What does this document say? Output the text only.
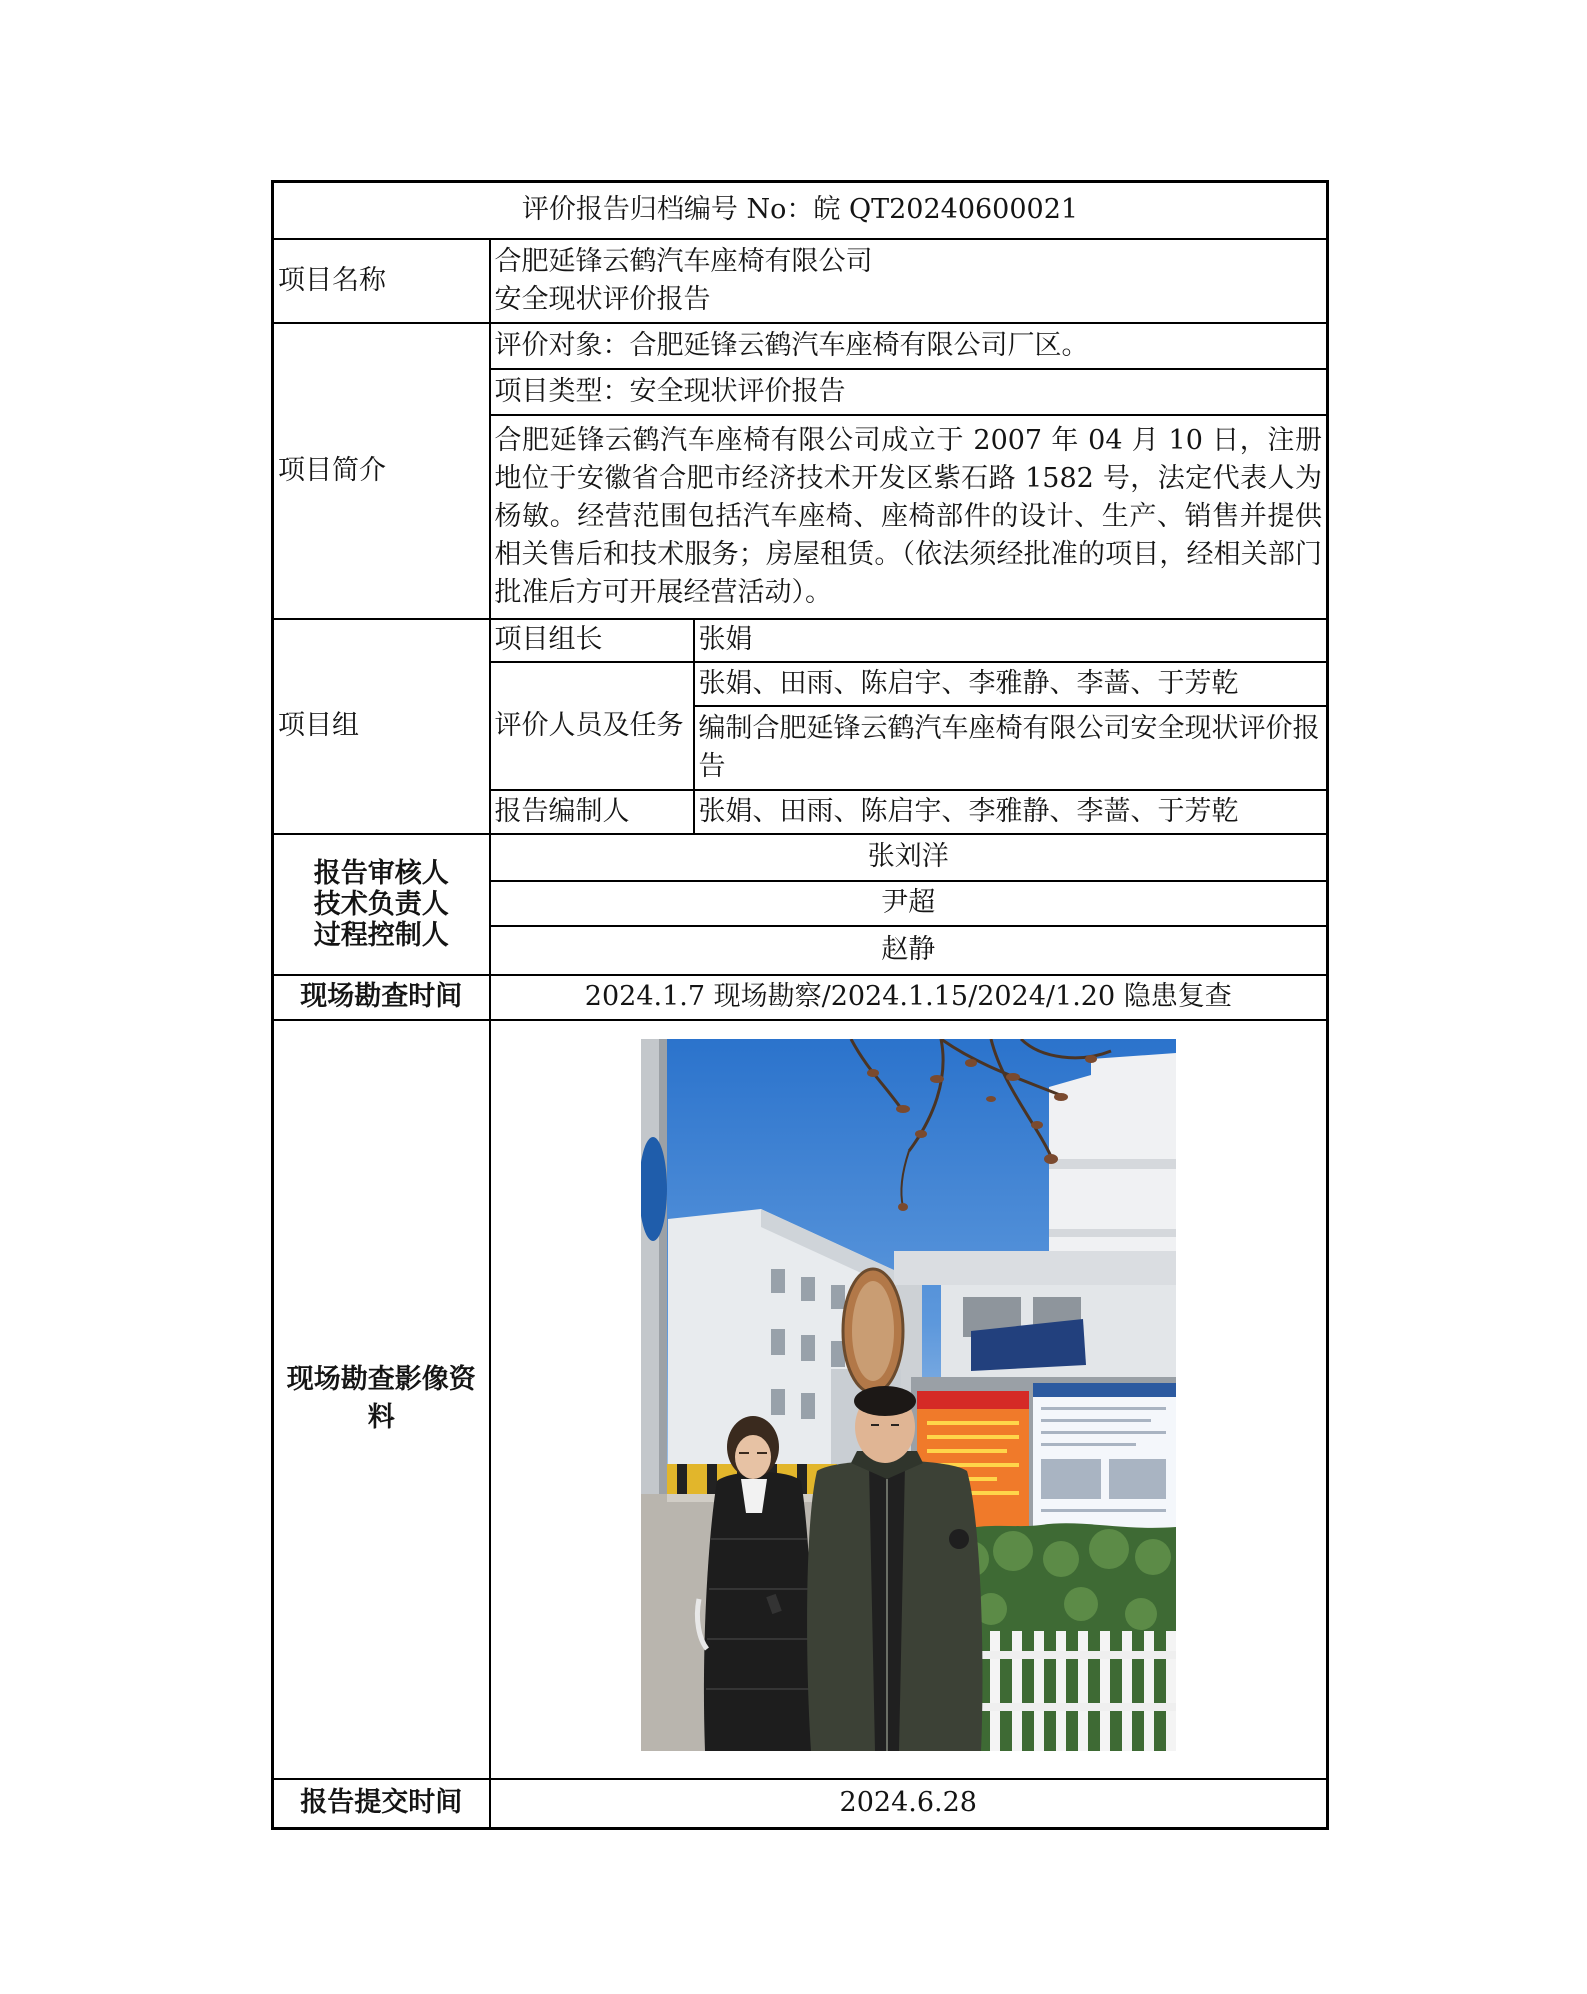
评价报告归档编号 No：皖 QT20240600021		
项目名称	合肥延锋云鹤汽车座椅有限公司
安全现状评价报告	

项目简介	评价对象：合肥延锋云鹤汽车座椅有限公司厂区。	
	项目类型：安全现状评价报告	
	合肥延锋云鹤汽车座椅有限公司成立于 2007 年 04 月 10 日，注册地位于安徽省合肥市经济技术开发区紫石路 1582 号，法定代表人为杨敏。经营范围包括汽车座椅、座椅部件的设计、生产、销售并提供相关售后和技术服务；房屋租赁。（依法须经批准的项目，经相关部门批准后方可开展经营活动）。	
项目组	项目组长	张娟
	评价人员及任务	张娟、田雨、陈启宇、李雅静、李蔷、于芳乾
		编制合肥延锋云鹤汽车座椅有限公司安全现状评价报告
	报告编制人	张娟、田雨、陈启宇、李雅静、李蔷、于芳乾

报告审核人
技术负责人
过程控制人	张刘洋	
	尹超	
	赵静	
现场勘查时间	2024.1.7 现场勘察/2024.1.15/2024/1.20 隐患复查	
现场勘查影像资料	
报告提交时间	2024.6.28	
